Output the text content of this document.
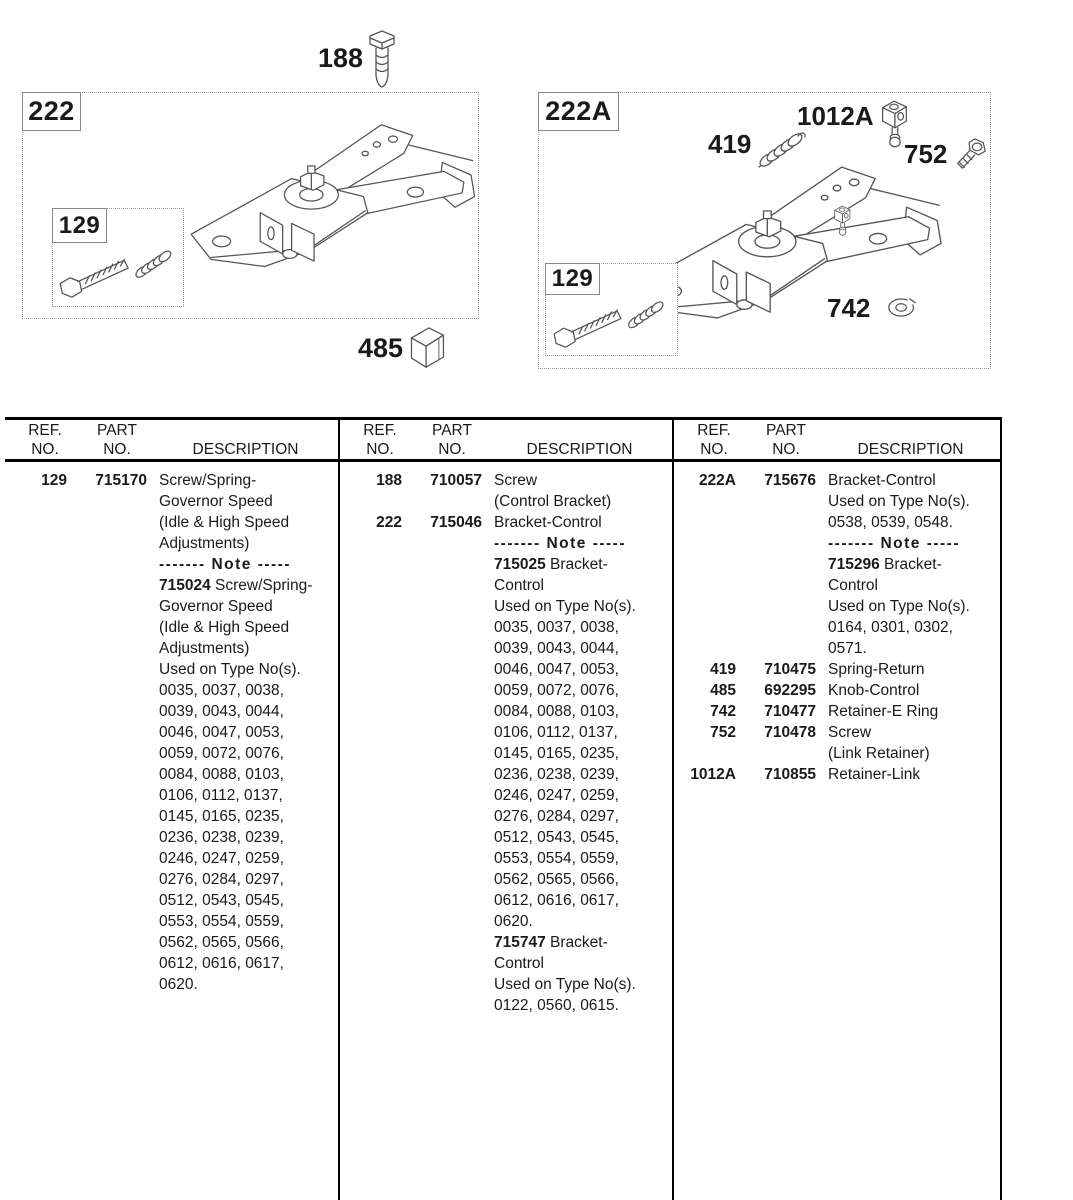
188
222
129
485
222A	1012A
419	752
129
742
REF.	PART
NO.	NO.	DESCRIPTION
REF.	PART
NO.	NO.	DESCRIPTION
REF.	PART
NO.	NO.	DESCRIPTION
129	715170 Screw/Spring-
Governor Speed
(Idle & High Speed
Adjustments)
------- Note -----
715024 Screw/Spring-
Governor Speed
(Idle & High Speed
Adjustments)
Used on Type No(s).
0035, 0037, 0038,
0039, 0043, 0044,
0046, 0047, 0053,
0059, 0072, 0076,
0084, 0088, 0103,
0106, 0112, 0137,
0145, 0165, 0235,
0236, 0238, 0239,
0246, 0247, 0259,
0276, 0284, 0297,
0512, 0543, 0545,
0553, 0554, 0559,
0562, 0565, 0566,
0612, 0616, 0617,
0620.
188	710057 Screw
(Control Bracket)
222	715046 Bracket-Control
------- Note -----
715025 Bracket-
Control
Used on Type No(s).
0035, 0037, 0038,
0039, 0043, 0044,
0046, 0047, 0053,
0059, 0072, 0076,
0084, 0088, 0103,
0106, 0112, 0137,
0145, 0165, 0235,
0236, 0238, 0239,
0246, 0247, 0259,
0276, 0284, 0297,
0512, 0543, 0545,
0553, 0554, 0559,
0562, 0565, 0566,
0612, 0616, 0617,
0620.
715747 Bracket-
Control
Used on Type No(s).
0122, 0560, 0615.
222A	715676 Bracket-Control
Used on Type No(s).
0538, 0539, 0548.
------- Note -----
715296 Bracket-
Control
Used on Type No(s).
0164, 0301, 0302,
0571.
419	710475 Spring-Return
485	692295 Knob-Control
742	710477 Retainer-E Ring
752	710478 Screw
(Link Retainer)
1012A	710855 Retainer-Link
